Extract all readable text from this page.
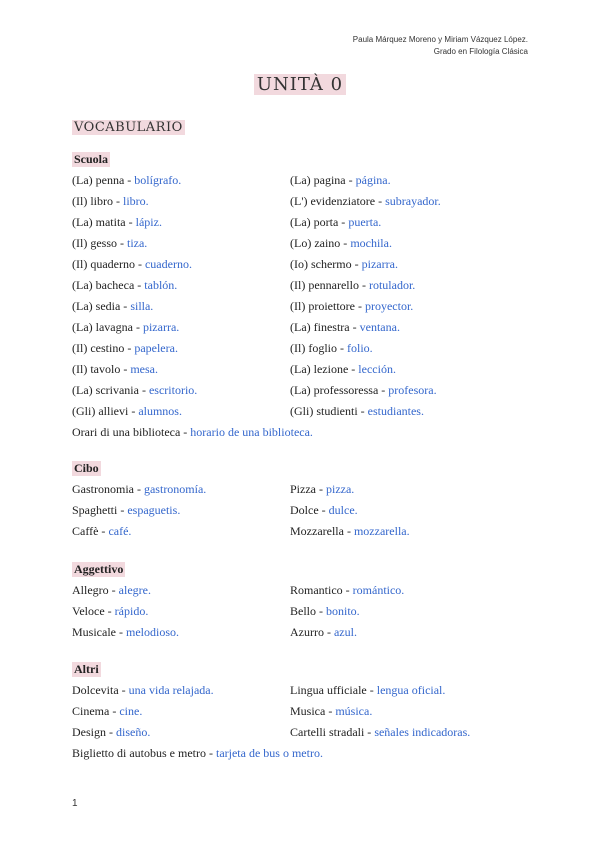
Paula Márquez Moreno y Miriam Vázquez López.
Grado en Filología Clásica
UNITÀ 0
VOCABULARIO
Scuola
(La) penna - bolígrafo.	(La) pagina - página.
(Il) libro - libro.	(L') evidenziatore - subrayador.
(La) matita - lápiz.	(La) porta - puerta.
(Il) gesso - tiza.	(Lo) zaino - mochila.
(Il) quaderno - cuaderno.	(Io) schermo - pizarra.
(La) bacheca - tablón.	(Il) pennarello - rotulador.
(La) sedia - silla.	(Il) proiettore - proyector.
(La) lavagna - pizarra.	(La) finestra - ventana.
(Il) cestino - papelera.	(Il) foglio - folio.
(Il) tavolo - mesa.	(La) lezione - lección.
(La) scrivania - escritorio.	(La) professoressa - profesora.
(Gli) allievi - alumnos.	(Gli) studienti - estudiantes.
Orari di una biblioteca - horario de una biblioteca.
Cibo
Gastronomia - gastronomía.	Pizza - pizza.
Spaghetti - espaguetis.	Dolce - dulce.
Caffè - café.	Mozzarella - mozzarella.
Aggettivo
Allegro - alegre.	Romantico - romántico.
Veloce - rápido.	Bello - bonito.
Musicale - melodioso.	Azurro - azul.
Altri
Dolcevita - una vida relajada.	Lingua ufficiale - lengua oficial.
Cinema - cine.	Musica - música.
Design - diseño.	Cartelli stradali - señales indicadoras.
Biglietto di autobus e metro - tarjeta de bus o metro.
1
